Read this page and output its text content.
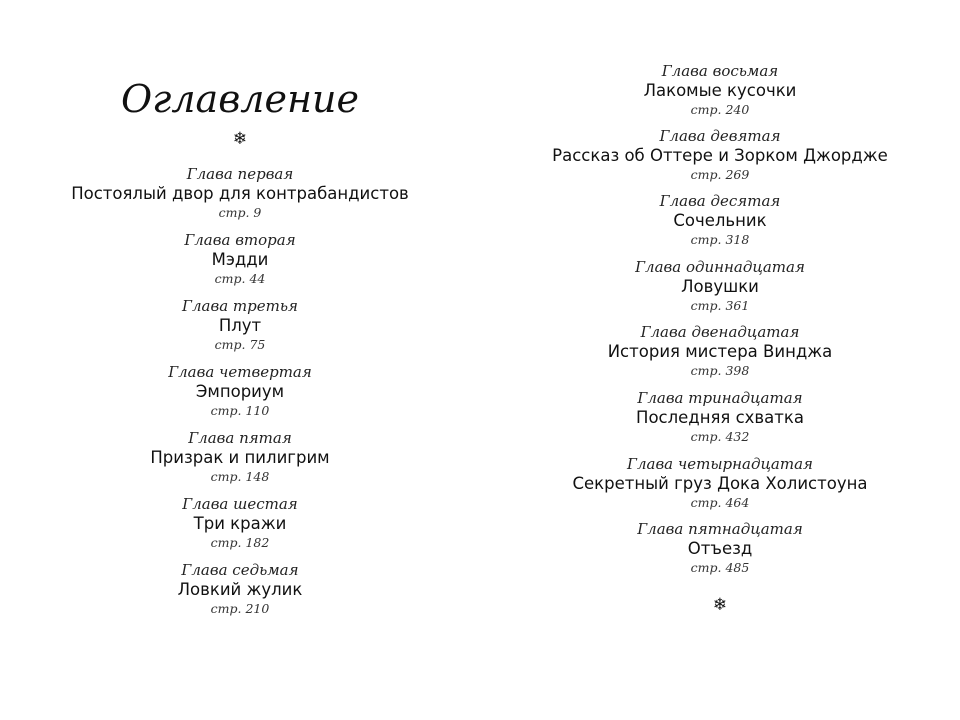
Оглавление
❄
Глава первая
Постоялый двор для контрабандистов
стр. 9
Глава вторая
Мэдди
стр. 44
Глава третья
Плут
стр. 75
Глава четвертая
Эмпориум
стр. 110
Глава пятая
Призрак и пилигрим
стр. 148
Глава шестая
Три кражи
стр. 182
Глава седьмая
Ловкий жулик
стр. 210
Глава восьмая
Лакомые кусочки
стр. 240
Глава девятая
Рассказ об Оттере и Зорком Джордже
стр. 269
Глава десятая
Сочельник
стр. 318
Глава одиннадцатая
Ловушки
стр. 361
Глава двенадцатая
История мистера Винджа
стр. 398
Глава тринадцатая
Последняя схватка
стр. 432
Глава четырнадцатая
Секретный груз Дока Холистоуна
стр. 464
Глава пятнадцатая
Отъезд
стр. 485
❄
